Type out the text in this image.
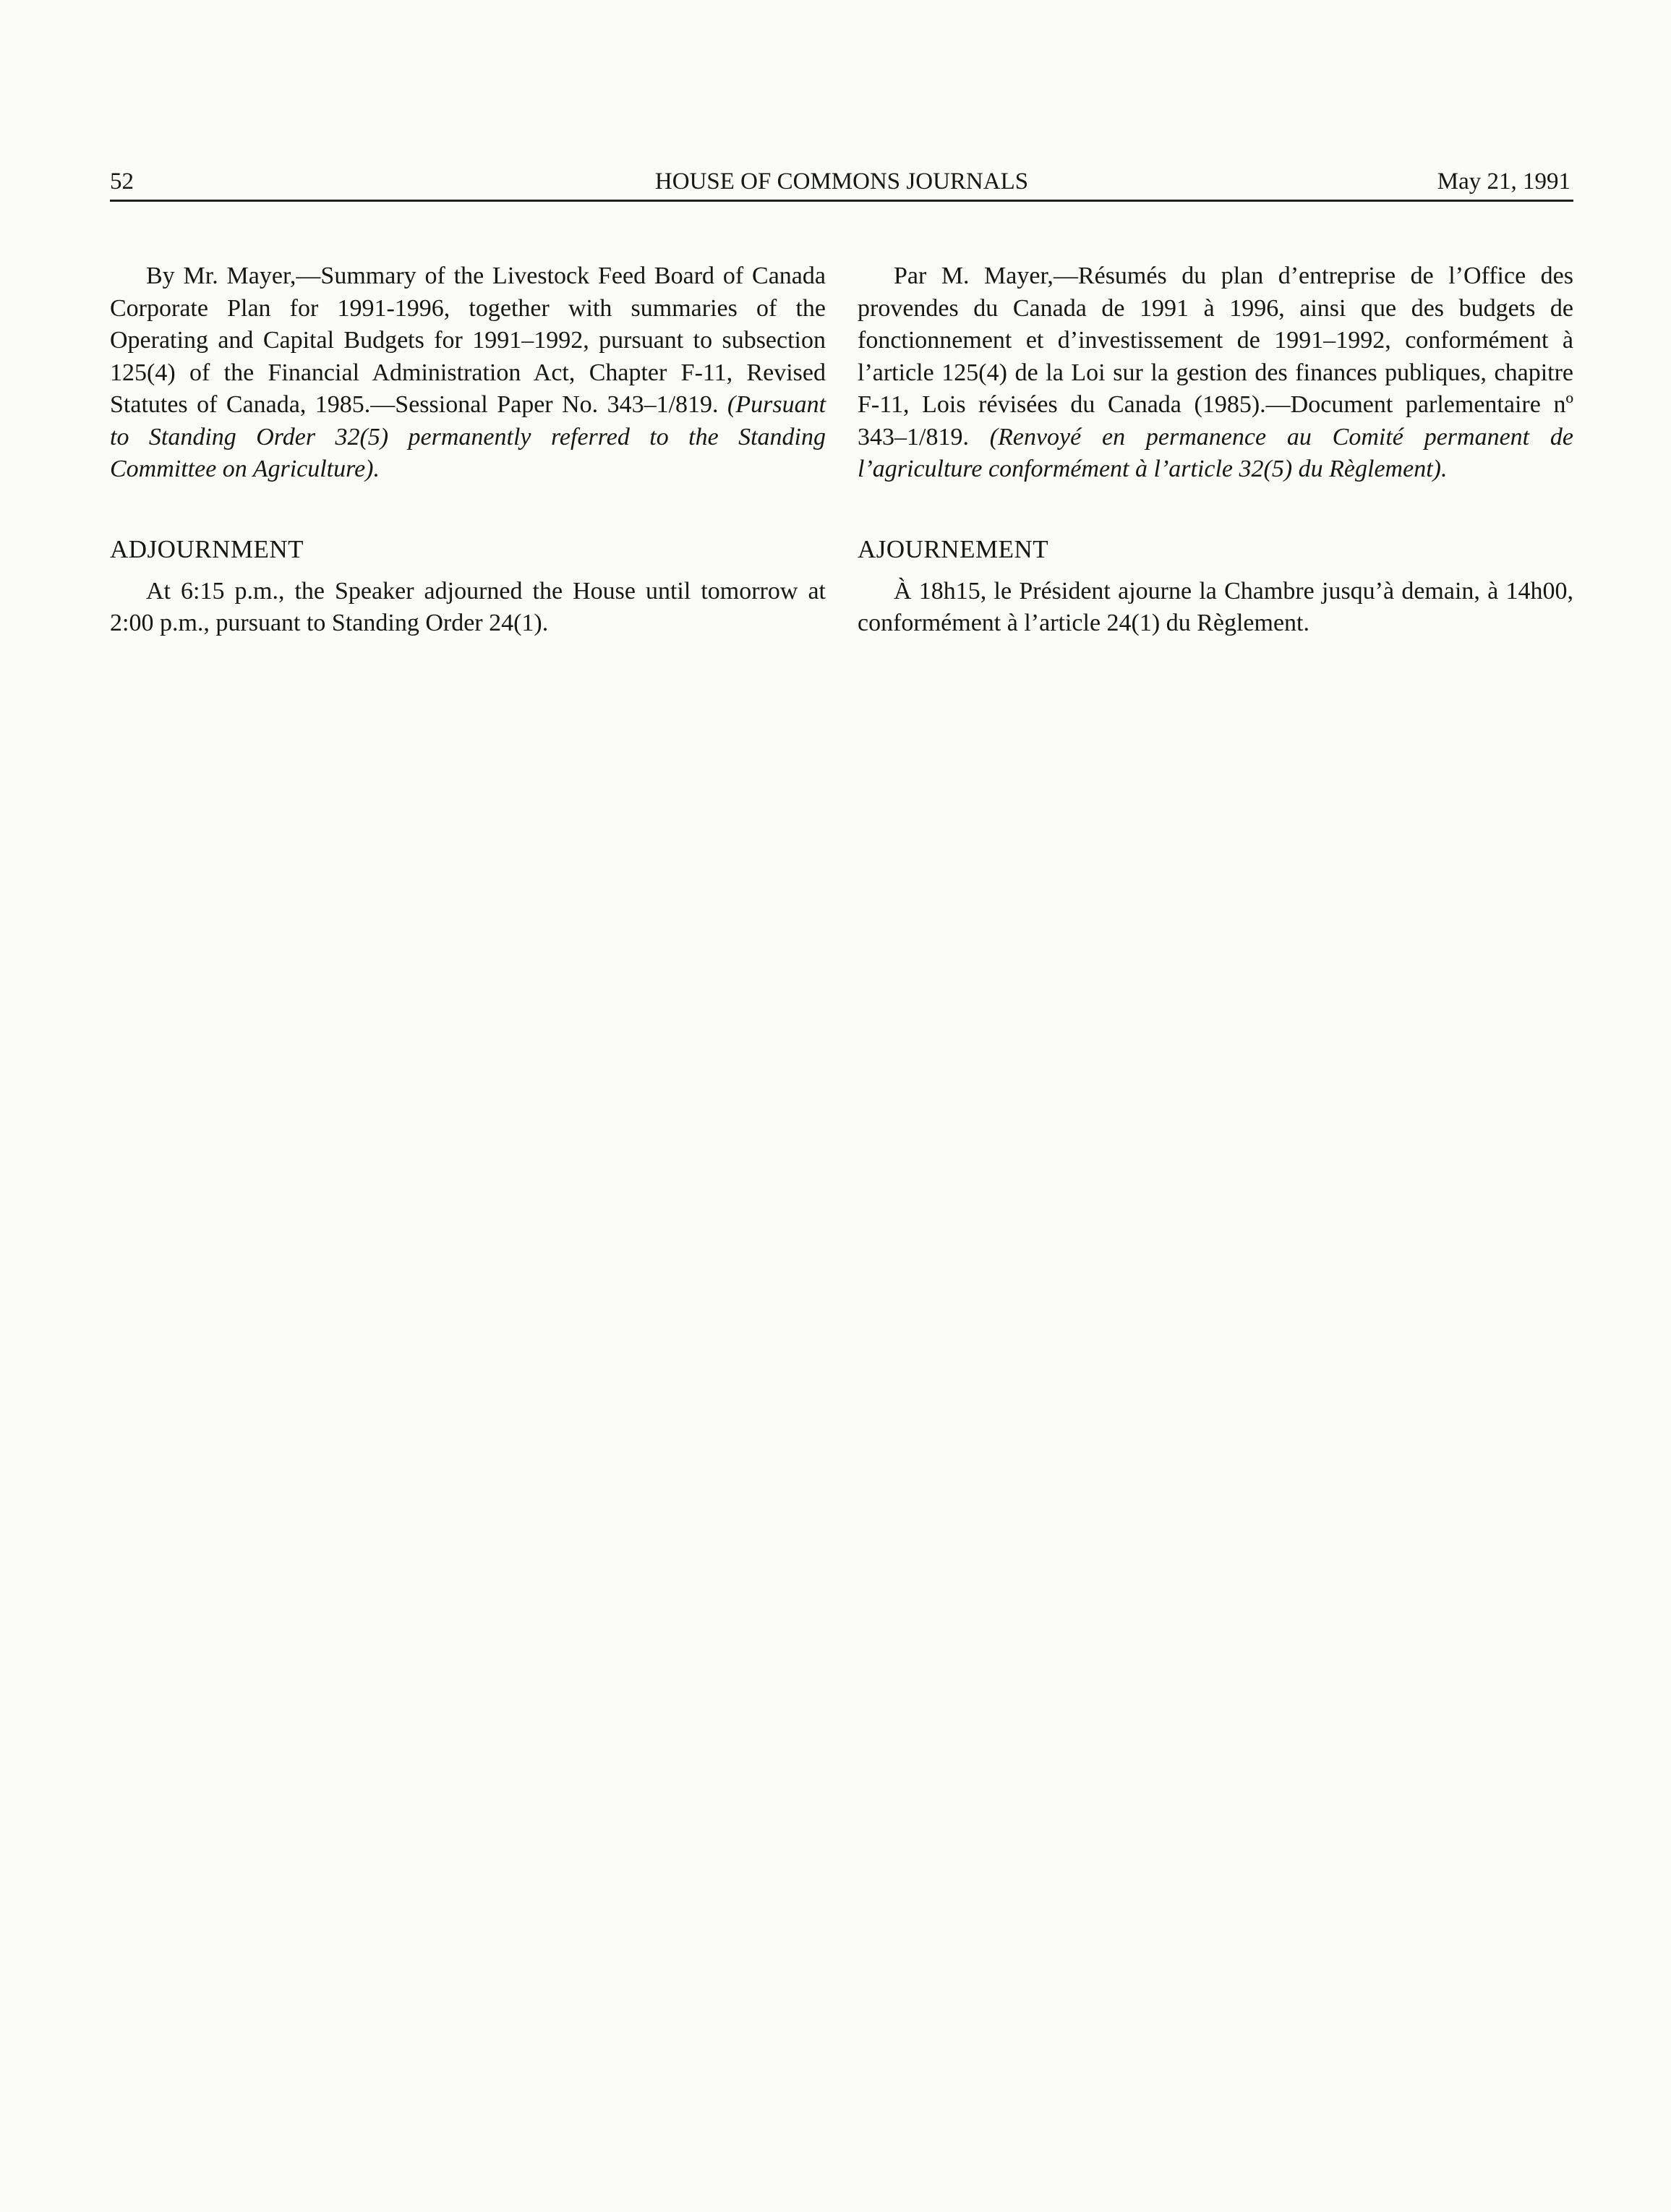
52	HOUSE OF COMMONS JOURNALS	May 21, 1991

By Mr. Mayer,—Summary of the Livestock Feed Board of Canada Corporate Plan for 1991-1996, together with summaries of the Operating and Capital Budgets for 1991–1992, pursuant to subsection 125(4) of the Financial Administration Act, Chapter F-11, Revised Statutes of Canada, 1985.—Sessional Paper No. 343–1/819. (Pursuant to Standing Order 32(5) permanently referred to the Standing Committee on Agriculture).

ADJOURNMENT

At 6:15 p.m., the Speaker adjourned the House until tomorrow at 2:00 p.m., pursuant to Standing Order 24(1).

Par M. Mayer,—Résumés du plan d’entreprise de l’Office des provendes du Canada de 1991 à 1996, ainsi que des budgets de fonctionnement et d’investissement de 1991–1992, conformément à l’article 125(4) de la Loi sur la gestion des finances publiques, chapitre F-11, Lois révisées du Canada (1985).—Document parlementaire nº 343–1/819. (Renvoyé en permanence au Comité permanent de l’agriculture conformément à l’article 32(5) du Règlement).

AJOURNEMENT

À 18h15, le Président ajourne la Chambre jusqu’à demain, à 14h00, conformément à l’article 24(1) du Règlement.
